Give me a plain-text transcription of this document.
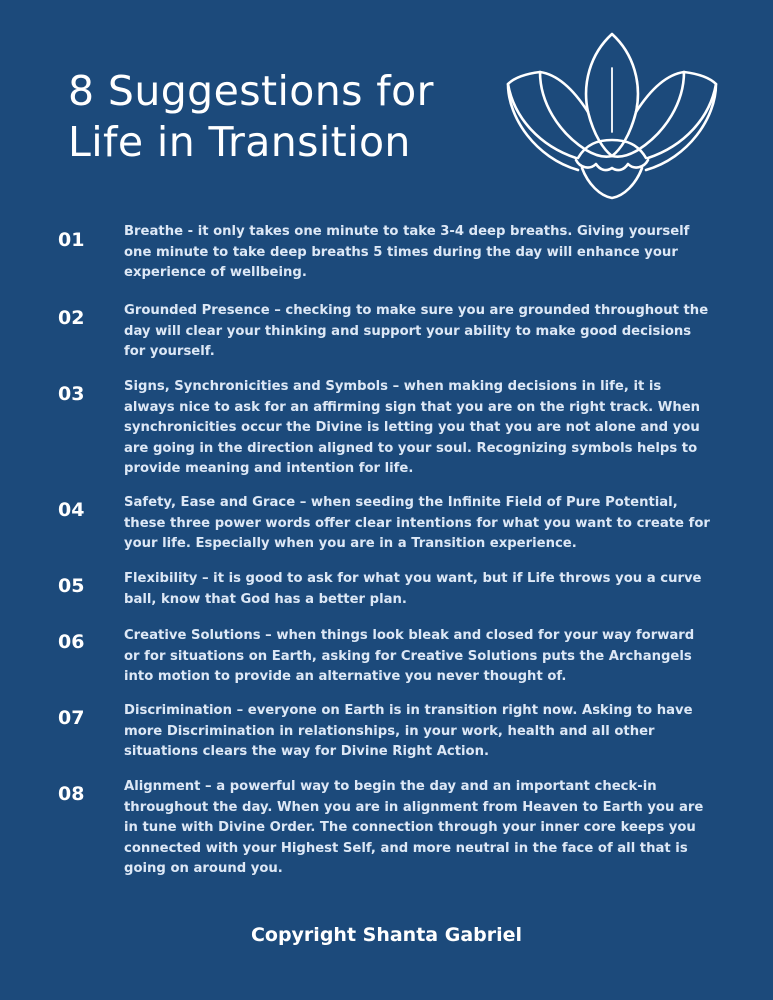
8 Suggestions for
Life in Transition
01	Breathe - it only takes one minute to take 3-4 deep breaths. Giving yourself one minute to take deep breaths 5 times during the day will enhance your experience of wellbeing.

02	Grounded Presence – checking to make sure you are grounded throughout the day will clear your thinking and support your ability to make good decisions for yourself.

03	Signs, Synchronicities and Symbols – when making decisions in life, it is always nice to ask for an affirming sign that you are on the right track. When synchronicities occur the Divine is letting you that you are not alone and you are going in the direction aligned to your soul. Recognizing symbols helps to provide meaning and intention for life.

04	Safety, Ease and Grace – when seeding the Infinite Field of Pure Potential, these three power words offer clear intentions for what you want to create for your life. Especially when you are in a Transition experience.

05	Flexibility – it is good to ask for what you want, but if Life throws you a curve ball, know that God has a better plan.

06	Creative Solutions – when things look bleak and closed for your way forward or for situations on Earth, asking for Creative Solutions puts the Archangels into motion to provide an alternative you never thought of.

07	Discrimination – everyone on Earth is in transition right now. Asking to have more Discrimination in relationships, in your work, health and all other situations clears the way for Divine Right Action.

08	Alignment – a powerful way to begin the day and an important check-in throughout the day. When you are in alignment from Heaven to Earth you are in tune with Divine Order. The connection through your inner core keeps you connected with your Highest Self, and more neutral in the face of all that is going on around you.

Copyright Shanta Gabriel
